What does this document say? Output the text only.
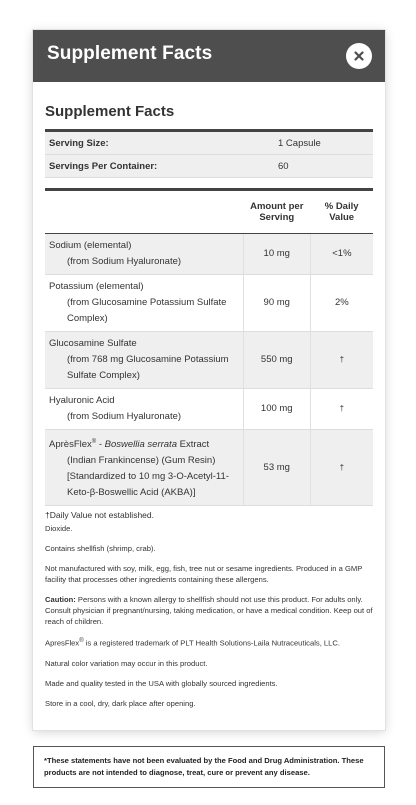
Supplement Facts
Supplement Facts
Serving Size:	1 Capsule
Servings Per Container:	60
	Amount per Serving	% Daily Value
Sodium (elemental)
(from Sodium Hyaluronate)	10 mg	<1%
Potassium (elemental)
(from Glucosamine Potassium Sulfate Complex)	90 mg	2%
Glucosamine Sulfate
(from 768 mg Glucosamine Potassium Sulfate Complex)	550 mg	†
Hyaluronic Acid
(from Sodium Hyaluronate)	100 mg	†
AprèsFlex® - Boswellia serrata Extract
(Indian Frankincense) (Gum Resin) [Standardized to 10 mg 3-O-Acetyl-11-Keto-β-Boswellic Acid (AKBA)]	53 mg	†
†Daily Value not established.
Dioxide.
Contains shellfish (shrimp, crab).
Not manufactured with soy, milk, egg, fish, tree nut or sesame ingredients. Produced in a GMP facility that processes other ingredients containing these allergens.
Caution: Persons with a known allergy to shellfish should not use this product. For adults only. Consult physician if pregnant/nursing, taking medication, or have a medical condition. Keep out of reach of children.
ApresFlex® is a registered trademark of PLT Health Solutions-Laila Nutraceuticals, LLC.
Natural color variation may occur in this product.
Made and quality tested in the USA with globally sourced ingredients.
Store in a cool, dry, dark place after opening.
*These statements have not been evaluated by the Food and Drug Administration. These products are not intended to diagnose, treat, cure or prevent any disease.
